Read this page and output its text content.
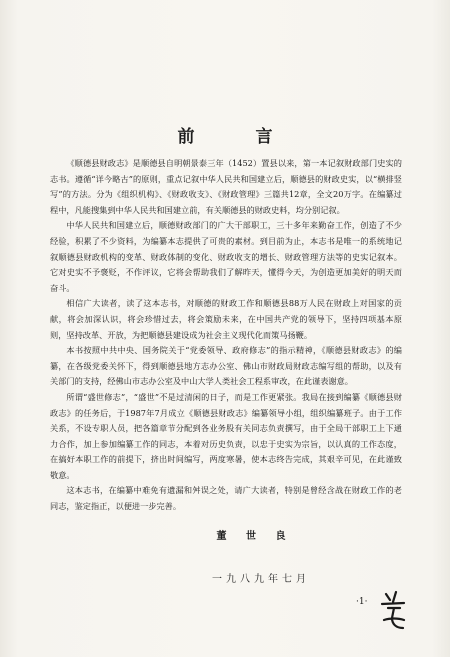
前　言

《顺德县财政志》是顺德县自明朝景泰三年（1452）置县以来，第一本记叙财政部门史实的志书。遵循“详今略古”的原则，重点记叙中华人民共和国建立后，顺德县的财政史实，以“横排竖写”的方法。分为《组织机构》、《财政收支》、《财政管理》三篇共12章，全文20万字。在编纂过程中，凡能搜集到中华人民共和国建立前，有关顺德县的财政史料，均分别记叙。

中华人民共和国建立后，顺德财政部门的广大干部职工，三十多年来勤奋工作，创造了不少经验，积累了不少资料，为编纂本志提供了可贵的素材。到目前为止，本志书是唯一的系统地记叙顺德县财政机构的变革、财政体制的变化、财政收支的增长、财政管理方法等的史实记叙本。它对史实不予褒贬，不作评议，它将会帮助我们了解昨天，懂得今天，为创造更加美好的明天而奋斗。

相信广大读者，读了这本志书，对顺德的财政工作和顺德县88万人民在财政上对国家的贡献，将会加深认识，将会珍惜过去，将会策励未来，在中国共产党的领导下，坚持四项基本原则，坚持改革、开放，为把顺德县建设成为社会主义现代化而策马扬鞭。

本书按照中共中央、国务院关于“党委领导、政府修志”的指示精神，《顺德县财政志》的编纂，在各级党委关怀下，得到顺德县地方志办公室、佛山市财政局财政志编写组的帮助，以及有关部门的支持，经佛山市志办公室及中山大学人类社会工程系审改，在此谨表谢意。

所谓“盛世修志”，“盛世”不是过清闲的日子，而是工作更紧张。我局在接到编纂《顺德县财政志》的任务后，于1987年7月成立《顺德县财政志》编纂领导小组，组织编纂班子。由于工作关系，不设专职人员，把各篇章节分配到各业务股有关同志负责撰写，由于全局干部职工上下通力合作，加上参加编纂工作的同志，本着对历史负责，以忠于史实为宗旨，以认真的工作态度，在搞好本职工作的前提下，挤出时间编写，两度寒暑，使本志终告完成，其艰辛可见，在此谨致敬意。

这本志书，在编纂中难免有遗漏和舛误之处，请广大读者，特别是曾经含战在财政工作的老同志，鉴定指正，以便进一步完善。

董 世 良
一九八九年七月
·1·
